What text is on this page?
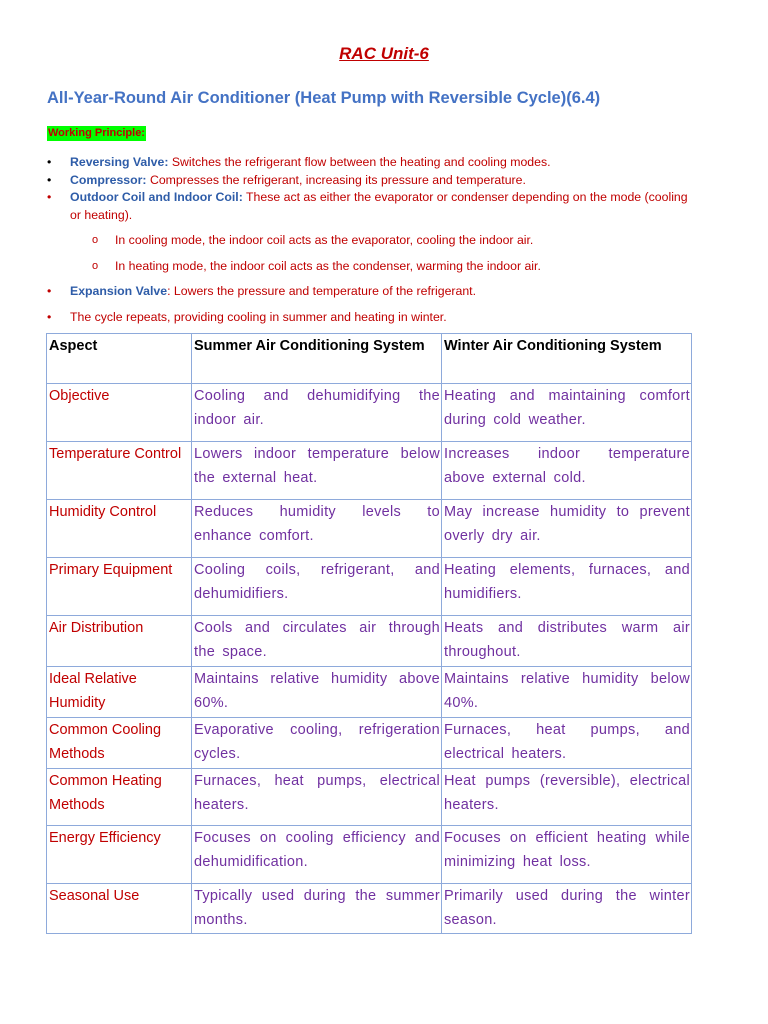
RAC Unit-6
All-Year-Round Air Conditioner (Heat Pump with Reversible Cycle)(6.4)
Working Principle:
• Reversing Valve: Switches the refrigerant flow between the heating and cooling modes.
• Compressor: Compresses the refrigerant, increasing its pressure and temperature.
• Outdoor Coil and Indoor Coil: These act as either the evaporator or condenser depending on the mode (cooling or heating).
o In cooling mode, the indoor coil acts as the evaporator, cooling the indoor air.
o In heating mode, the indoor coil acts as the condenser, warming the indoor air.
• Expansion Valve: Lowers the pressure and temperature of the refrigerant.
• The cycle repeats, providing cooling in summer and heating in winter.
Aspect	Summer Air Conditioning System	Winter Air Conditioning System
Objective	Cooling and dehumidifying the indoor air.	Heating and maintaining comfort during cold weather.
Temperature Control	Lowers indoor temperature below the external heat.	Increases indoor temperature above external cold.
Humidity Control	Reduces humidity levels to enhance comfort.	May increase humidity to prevent overly dry air.
Primary Equipment	Cooling coils, refrigerant, and dehumidifiers.	Heating elements, furnaces, and humidifiers.
Air Distribution	Cools and circulates air through the space.	Heats and distributes warm air throughout.
Ideal Relative Humidity	Maintains relative humidity above 60%.	Maintains relative humidity below 40%.
Common Cooling Methods	Evaporative cooling, refrigeration cycles.	Furnaces, heat pumps, and electrical heaters.
Common Heating Methods	Furnaces, heat pumps, electrical heaters.	Heat pumps (reversible), electrical heaters.
Energy Efficiency	Focuses on cooling efficiency and dehumidification.	Focuses on efficient heating while minimizing heat loss.
Seasonal Use	Typically used during the summer months.	Primarily used during the winter season.
